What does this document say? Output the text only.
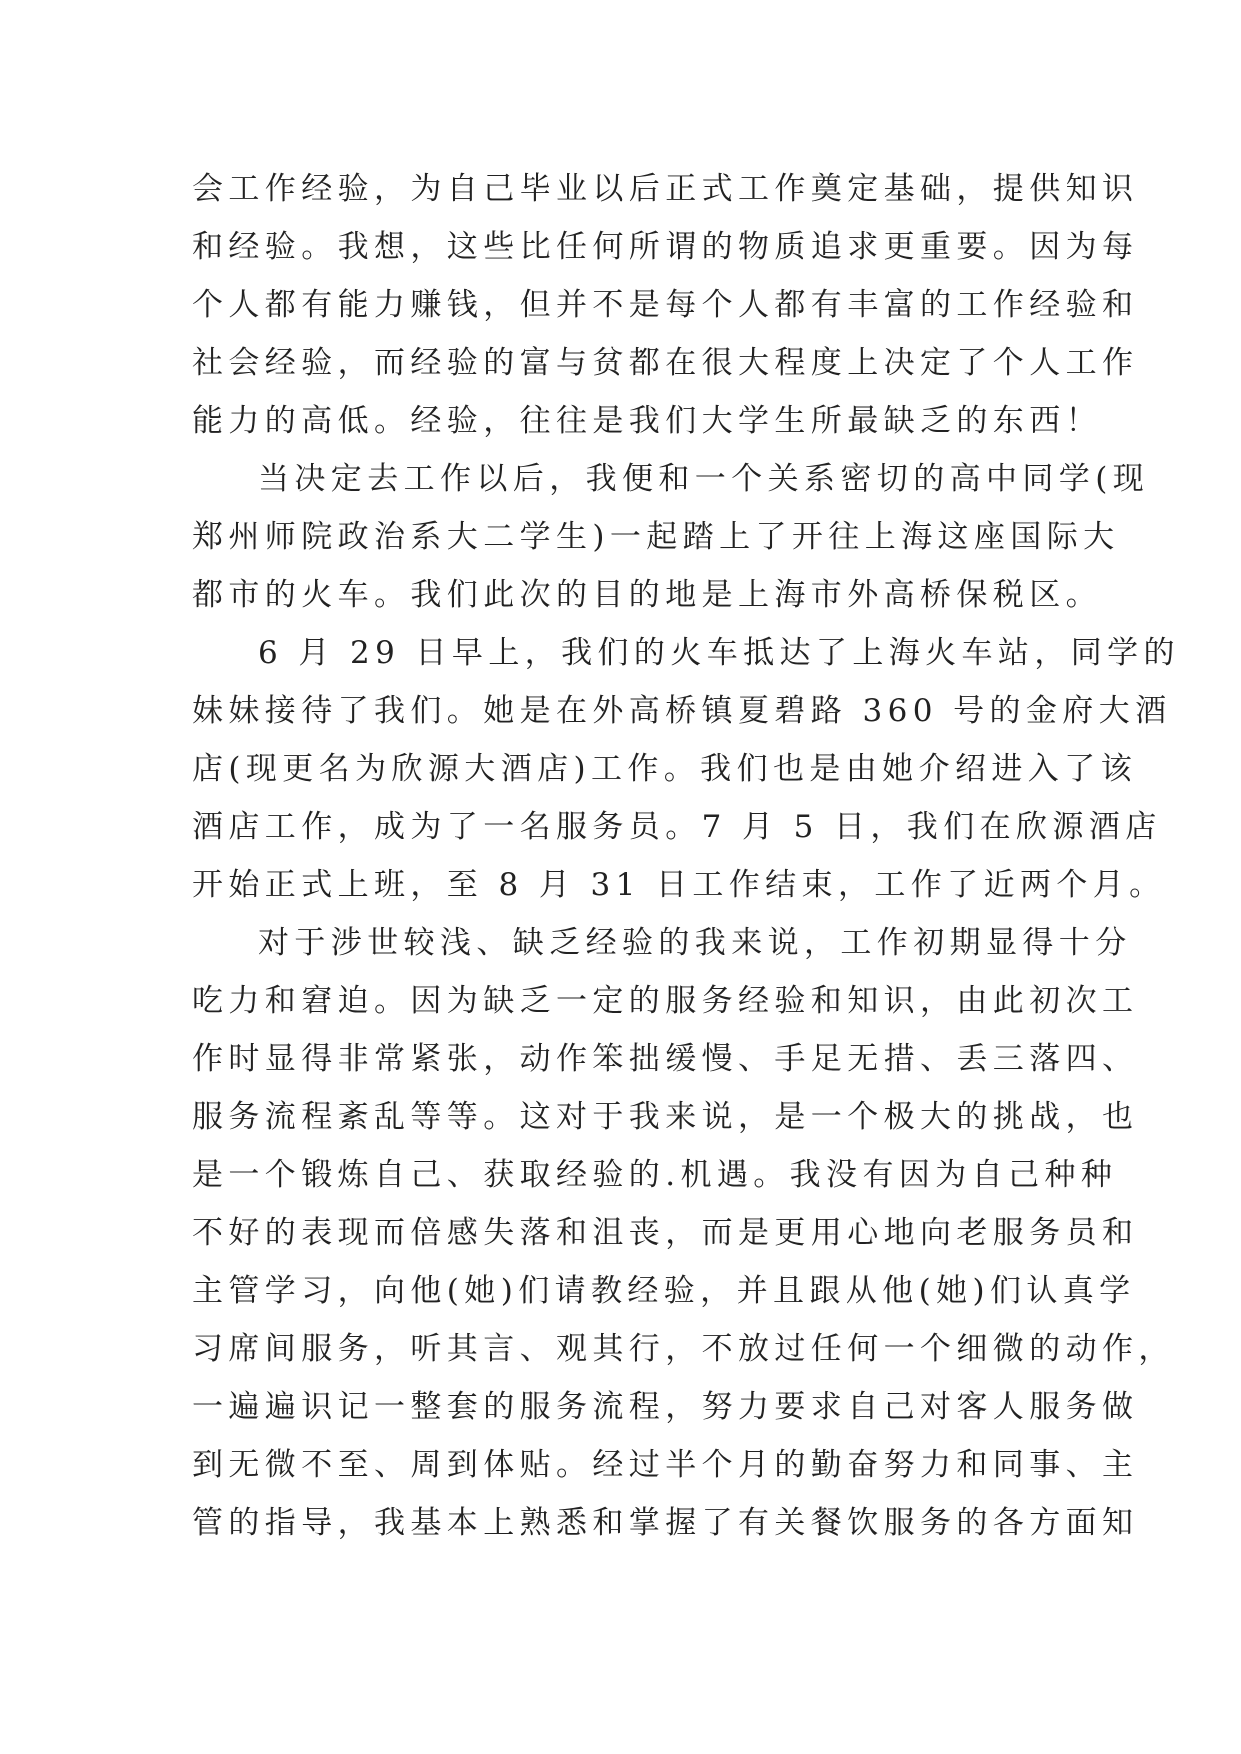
会工作经验，为自己毕业以后正式工作奠定基础，提供知识
和经验。我想，这些比任何所谓的物质追求更重要。因为每
个人都有能力赚钱，但并不是每个人都有丰富的工作经验和
社会经验，而经验的富与贫都在很大程度上决定了个人工作
能力的高低。经验，往往是我们大学生所最缺乏的东西！
当决定去工作以后，我便和一个关系密切的高中同学(现
郑州师院政治系大二学生)一起踏上了开往上海这座国际大
都市的火车。我们此次的目的地是上海市外高桥保税区。
6 月 29 日早上，我们的火车抵达了上海火车站，同学的
妹妹接待了我们。她是在外高桥镇夏碧路 360 号的金府大酒
店(现更名为欣源大酒店)工作。我们也是由她介绍进入了该
酒店工作，成为了一名服务员。7 月 5 日，我们在欣源酒店
开始正式上班，至 8 月 31 日工作结束，工作了近两个月。
对于涉世较浅、缺乏经验的我来说，工作初期显得十分
吃力和窘迫。因为缺乏一定的服务经验和知识，由此初次工
作时显得非常紧张，动作笨拙缓慢、手足无措、丢三落四、
服务流程紊乱等等。这对于我来说，是一个极大的挑战，也
是一个锻炼自己、获取经验的.机遇。我没有因为自己种种
不好的表现而倍感失落和沮丧，而是更用心地向老服务员和
主管学习，向他(她)们请教经验，并且跟从他(她)们认真学
习席间服务，听其言、观其行，不放过任何一个细微的动作，
一遍遍识记一整套的服务流程，努力要求自己对客人服务做
到无微不至、周到体贴。经过半个月的勤奋努力和同事、主
管的指导，我基本上熟悉和掌握了有关餐饮服务的各方面知
